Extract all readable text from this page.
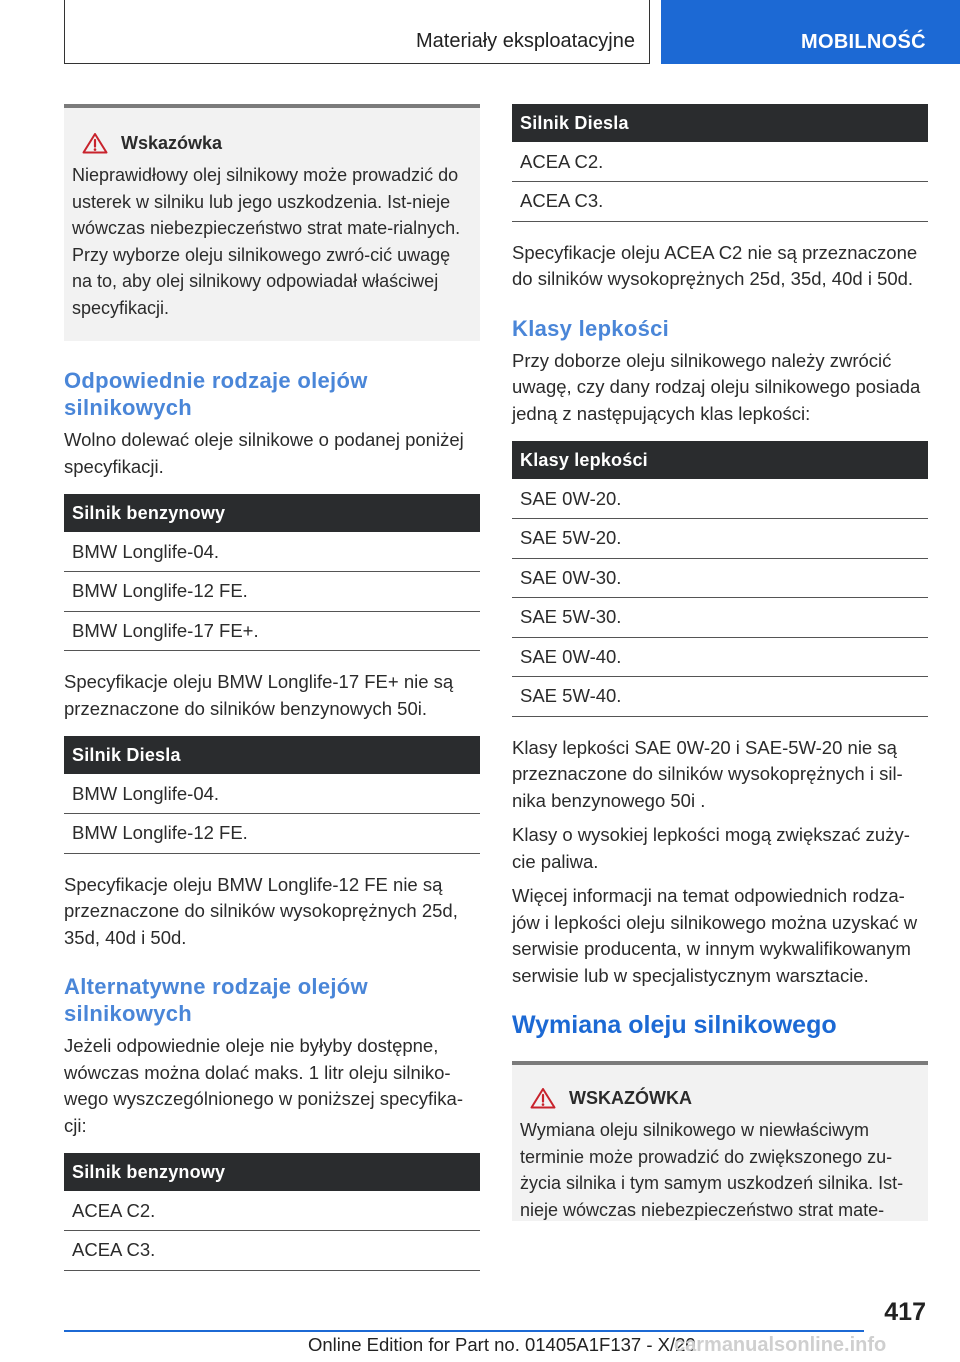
Materiały eksploatacyjne	MOBILNOŚĆ
Wskazówka

Nieprawidłowy olej silnikowy może prowadzić do usterek w silniku lub jego uszkodzenia. Ist-nieje wówczas niebezpieczeństwo strat mate-rialnych. Przy wyborze oleju silnikowego zwró-cić uwagę na to, aby olej silnikowy odpowiadał właściwej specyfikacji.

Odpowiednie rodzaje olejów silnikowych

Wolno dolewać oleje silnikowe o podanej poniżej specyfikacji.

Silnik benzynowy
BMW Longlife-04.
BMW Longlife-12 FE.
BMW Longlife-17 FE+.

Specyfikacje oleju BMW Longlife-17 FE+ nie są przeznaczone do silników benzynowych 50i.

Silnik Diesla
BMW Longlife-04.
BMW Longlife-12 FE.

Specyfikacje oleju BMW Longlife-12 FE nie są przeznaczone do silników wysokoprężnych 25d, 35d, 40d i 50d.

Alternatywne rodzaje olejów silnikowych

Jeżeli odpowiednie oleje nie byłyby dostępne, wówczas można dolać maks. 1 litr oleju silniko-wego wyszczególnionego w poniższej specyfika-cji:

Silnik benzynowy
ACEA C2.
ACEA C3.
Silnik Diesla
ACEA C2.
ACEA C3.

Specyfikacje oleju ACEA C2 nie są przeznaczone do silników wysokoprężnych 25d, 35d, 40d i 50d.

Klasy lepkości

Przy doborze oleju silnikowego należy zwrócić uwagę, czy dany rodzaj oleju silnikowego posiada jedną z następujących klas lepkości:

Klasy lepkości
SAE 0W-20.
SAE 5W-20.
SAE 0W-30.
SAE 5W-30.
SAE 0W-40.
SAE 5W-40.

Klasy lepkości SAE 0W-20 i SAE-5W-20 nie są przeznaczone do silników wysokoprężnych i sil-nika benzynowego 50i .

Klasy o wysokiej lepkości mogą zwiększać zuży-cie paliwa.

Więcej informacji na temat odpowiednich rodza-jów i lepkości oleju silnikowego można uzyskać w serwisie producenta, w innym wykwalifikowanym serwisie lub w specjalistycznym warsztacie.

Wymiana oleju silnikowego
WSKAZÓWKA

Wymiana oleju silnikowego w niewłaściwym terminie może prowadzić do zwiększonego zu-życia silnika i tym samym uszkodzeń silnika. Ist-nieje wówczas niebezpieczeństwo strat mate-

417
Online Edition for Part no. 01405A1F137 - X/20
carmanualsonline.info
